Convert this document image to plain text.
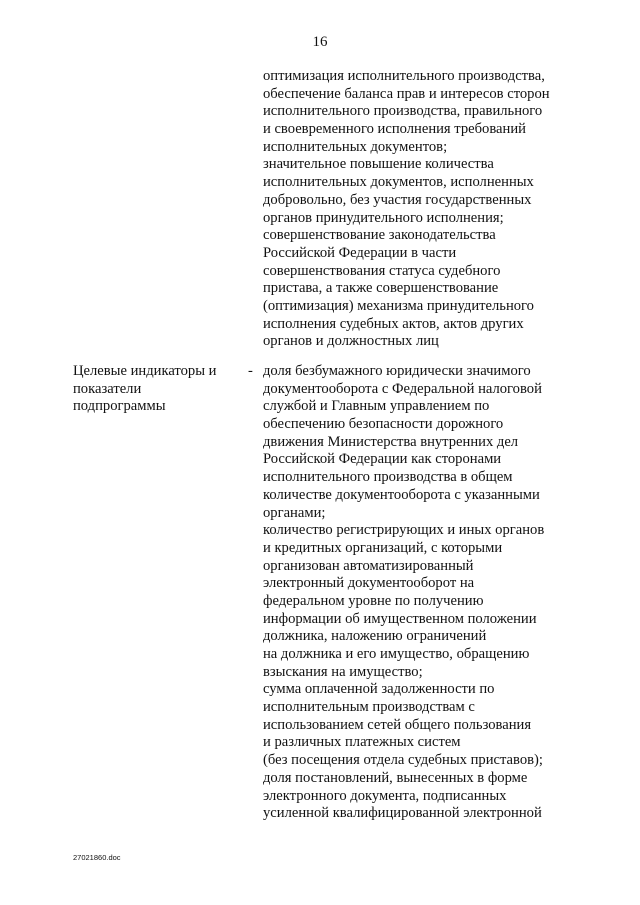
16
оптимизация исполнительного производства,
обеспечение баланса прав и интересов сторон
исполнительного производства, правильного
и своевременного исполнения требований
исполнительных документов;
значительное повышение количества
исполнительных документов, исполненных
добровольно, без участия государственных
органов принудительного исполнения;
совершенствование законодательства
Российской Федерации в части
совершенствования статуса судебного
пристава, а также совершенствование
(оптимизация) механизма принудительного
исполнения судебных актов, актов других
органов и должностных лиц
Целевые индикаторы и
показатели
подпрограммы
- доля безбумажного юридически значимого
документооборота с Федеральной налоговой
службой и Главным управлением по
обеспечению безопасности дорожного
движения Министерства внутренних дел
Российской Федерации как сторонами
исполнительного производства в общем
количестве документооборота с указанными
органами;
количество регистрирующих и иных органов
и кредитных организаций, с которыми
организован автоматизированный
электронный документооборот на
федеральном уровне по получению
информации об имущественном положении
должника, наложению ограничений
на должника и его имущество, обращению
взыскания на имущество;
сумма оплаченной задолженности по
исполнительным производствам с
использованием сетей общего пользования
и различных платежных систем
(без посещения отдела судебных приставов);
доля постановлений, вынесенных в форме
электронного документа, подписанных
усиленной квалифицированной электронной
27021860.doc
